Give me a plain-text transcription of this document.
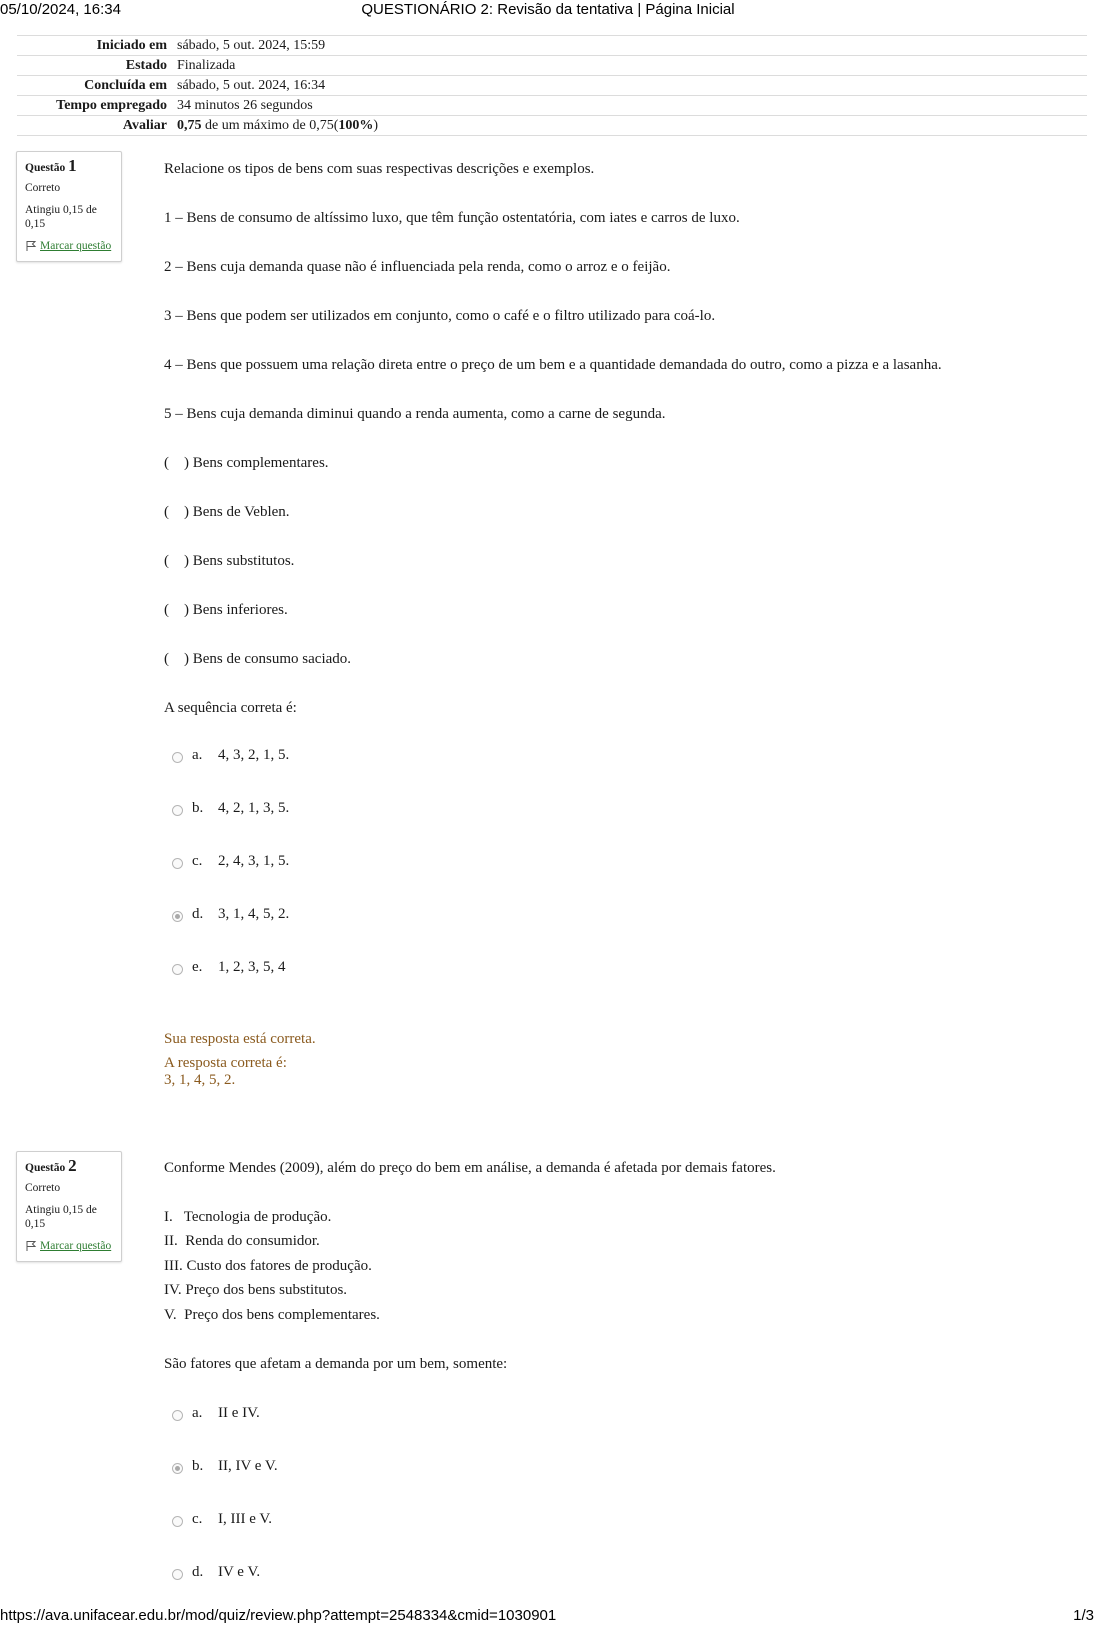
05/10/2024, 16:34	QUESTIONÁRIO 2: Revisão da tentativa | Página Inicial
Iniciado em	sábado, 5 out. 2024, 15:59
Estado	Finalizada
Concluída em	sábado, 5 out. 2024, 16:34
Tempo empregado	34 minutos 26 segundos
Avaliar	0,75 de um máximo de 0,75(100%)
Questão 1
Correto
Atingiu 0,15 de 0,15
Marcar questão

Relacione os tipos de bens com suas respectivas descrições e exemplos.

1 – Bens de consumo de altíssimo luxo, que têm função ostentatória, com iates e carros de luxo.

2 – Bens cuja demanda quase não é influenciada pela renda, como o arroz e o feijão.

3 – Bens que podem ser utilizados em conjunto, como o café e o filtro utilizado para coá-lo.

4 – Bens que possuem uma relação direta entre o preço de um bem e a quantidade demandada do outro, como a pizza e a lasanha.

5 – Bens cuja demanda diminui quando a renda aumenta, como a carne de segunda.

(    ) Bens complementares.

(    ) Bens de Veblen.

(    ) Bens substitutos.

(    ) Bens inferiores.

(    ) Bens de consumo saciado.

A sequência correta é:

a.	4, 3, 2, 1, 5.
b. 4, 2, 1, 3, 5.
c.	2, 4, 3, 1, 5.
d. 3, 1, 4, 5, 2.
e.	1, 2, 3, 5, 4
Sua resposta está correta.
A resposta correta é:
3, 1, 4, 5, 2.
Questão 2
Correto
Atingiu 0,15 de 0,15
Marcar questão

Conforme Mendes (2009), além do preço do bem em análise, a demanda é afetada por demais fatores.

I.   Tecnologia de produção.

II.  Renda do consumidor.

III. Custo dos fatores de produção.

IV. Preço dos bens substitutos.

V.  Preço dos bens complementares.

São fatores que afetam a demanda por um bem, somente:

a.	II e IV.
b. II, IV e V.
c.	I, III e V.
d. IV e V.
https://ava.unifacear.edu.br/mod/quiz/review.php?attempt=2548334&cmid=1030901	1/3
